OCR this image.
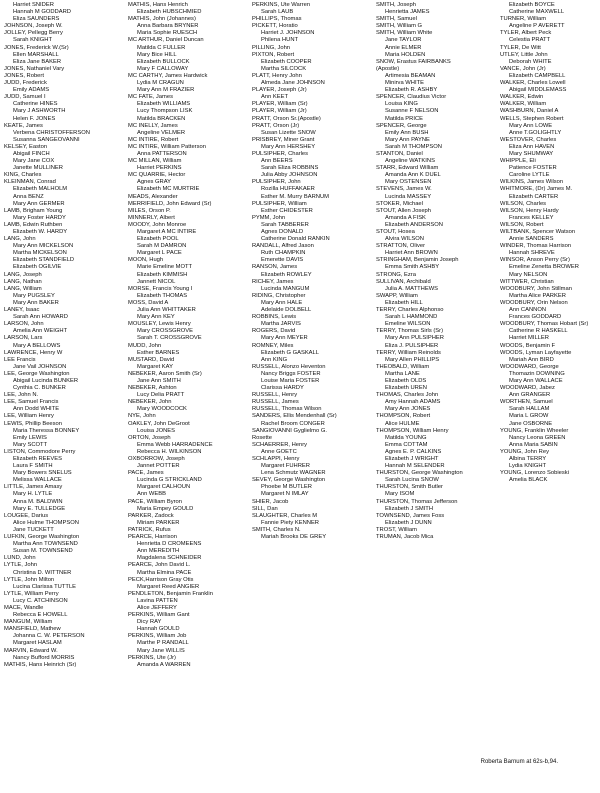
Harriet SNIDER
Hannah M GODDARD
Eliza SAUNDERS
JOHNSON, Joseph W.
JOLLEY, Pellegg Berry
Sarah KNIGHT
JONES, Frederick W.(Sr)
Ellen MARSHALL
Eliza Jane BAKER
JONES, Nathaniel Vary
JONES, Robert
JUDD, Frederick
Emily ADAMS
JUDD, Samuel I
Catherine HINES
Mary J ASHWORTH
Helen F. JONES
KEATE, James
Verbena CHRISTOFFERSON
Susanna SANGEOVANNI
KELSEY, Easton
Abigail FINCH
Mary Jane COX
Janette MULLINER
KING, Charles
KLEINMAN, Conrad
Elizabeth MALHOLM
Anna BENZ
Mary Ann GERMER
LAMB, Brigham Young
Mary Foster HARDY
LAMB, Edwin Ruthben
Elizabeth W. HARDY
LANG, John
Mary Ann MICKELSON
Martha MICKELSON
Elizabeth STANDFIELD
Elizabeth OGILVIE
LANG, Joseph
LANG, Nathan
LANG, William
Mary PUGSLEY
Mary Ann BAKER
LANEY, Isaac
Sarah Ann HOWARD
LARSON, John
Amelia Ann WEIGHT
LARSON, Lars
Mary A BELLOWS
LAWRENCE, Henry W
LEE Francis
Jane Vail JOHNSON
LEE, George Washington
Abigail Lucinda BUNKER
Cynthia C. BUNKER
LEE, John N.
LEE, Samuel Francis
Ann Dodd WHITE
LEE, William Henry
LEWIS, Phillip Beeson
Maria Theressa BONNEY
Emily LEWIS
Mary SCOTT
LISTON, Commodore Perry
Elizabeth REEVES
Laura F SMITH
Mary Bowers SNELUS
Melissa WALLACE
LITTLE, James Amasy
Mary H. LYTLE
Anna M. BALDWIN
Mary E. TULLEDGE
LOUGEE, Darius
Alice Hulme THOMPSON
Jane TUCKETT
LUFKIN, George Washington
Martha Ann TOWNSEND
Susan M. TOWNSEND
LUND, John
LYTLE, John
Christina D. WITTNER
LYTLE, John Milton
Lucina Clarissa TUTTLE
LYTLE, William Perry
Lucy C. ATCHINSON
MACE, Wandle
Rebecca E HOWELL
MANGUM, William
MANSFIELD, Mathew
Johanna C. W. PETERSON
Margaret HASLAM
MARVIN, Edward W.
Nancy Bufford MORRIS
MATHIS, Hans Heinrich (Sr)
MATHIS, Hans Henrich
Elizabeth HUBSCHMIED
MATHIS, John (Johannes)
Anna Barbara BRYNER
Maria Sophie RUESCH
MC ARTHUR, Daniel Duncan
Matilda C FULLER
Mary Bice HILL
Elizabeth BULLOCK
Mary F CALLOWAY
MC CARTHY, James Hardwick
Lydia M CRAGUN
Mary Ann M FRAZIER
MC FATE, James
Elizabeth WILLIAMS
Lucy Thompson LISK
Matilda BRACKEN
MC INELLY, James
Angeline VELMER
MC INTIRE, Robert
MC INTIRE, William Patterson
Anna PATTERSON
MC MILLAN, William
Harriet PERKINS
MC QUARRIE, Hector
Agnes GRAY
Elizabeth MC MURTRIE
MEADS, Alexander
MERRIFIELD, John Edward (Sr)
MILES, Orson P.
MINNERLY, Albert
MOODY, John Monroe
Margaret A MC INTIRE
Elizabeth POOL
Sarah M DAMRON
Margaret L PACE
MOON, Hugh
Marie Emeline MOTT
Elizabeth KIMMISH
Jannett NICOL
MORSE, Francis Young I
Elizabeth THOMAS
MOSS, David A
Julia Ann WHITTAKER
Mary Ann KEY
MOUSLEY, Lewis Henry
Mary CROSSGROVE
Sarah T. CROSSGROVE
MUDD, John
Esther BARNES
MUSTARD, David
Margaret KAY
NEBEKER, Aaron Smith (Sr)
Jane Ann SMITH
NEBEKER, Ashton
Lucy Delia PRATT
NEBEKER, John
Mary WOODCOCK
NYE, John
OAKLEY, John DeGroot
Louisa JONES
ORTON, Joseph
Emma Webb HARRADENCE
Rebecca H. WILKINSON
OXBORROW, Joseph
Jannet POTTER
PACE, James
Lucinda G STRICKLAND
Margaret CALHOUN
Ann WEBB
PACE, William Byron
Maria Empey GOULD
PARKER, Zadock
Miriam PARKER
PATRICK, Rufus
PEARCE, Harrison
Henrietta D CROMEENS
Ann MEREDITH
Magdalena SCHNEIDER
PEARCE, John David L.
Martha Elmina PACE
PECK,Harrison Gray Otis
Margaret Reed ANGIER
PENDLETON, Benjamin Franklin
Lavina PATTEN
Alice JEFFERY
PERKINS, William Gant
Dicy RAY
Hannah GOULD
PERKINS, William Job
Marthe P RANDALL
Mary Jane WILLIS
PERKINS, Ute (Jr)
Amanda A WARREN
PERKINS, Ute Warren
Sarah LAUB
PHILLIPS, Thomas
PICKETT, Horatio
Harriet J. JOHNSON
Philena HUNT
PILLING, John
PIXTON, Robert
Elizabeth COOPER
Martha SILCOCK
PLATT, Henry John
Almeda Jane JOHNSON
PLAYER, Joseph (Jr)
Ann KEET
PLAYER, William (Sr)
PLAYER, William (Jr)
PRATT, Orson Sr.(Apostle)
PRATT, Orson (Jr)
Susan Lizette SNOW
PRISBREY, Miner Grant
Mary Ann HERSHEY
PULSIPHER, Charles
Ann BEERS
Sarah Eliza ROBBINS
Julia Abby JOHNSON
PULSIPHER, John
Rozilla HUFFAKAER
Esther M. Murry BARNUM
PULSIPHER, William
Esther CHIDESTER
PYMM, John
Sarah TABBERER
Agnes DONALD
Catherine Donald RANKIN
RANDALL, Alfred Jason
Ruth CHAMPKIN
Emerette DAVIS
RANSON, James
Elizabeth ROWLEY
RICHEY, James
Lucinda MANGUM
RIDING, Christopher
Mary Ann HALE
Adelaide DOLBELL
ROBBINS, Lewis
Martha JARVIS
ROGERS, David
Mary Ann MEYER
ROMNEY, Miles
Elizabeth G GASKALL
Ann KING
RUSSELL, Alonzo Heventon
Nancy Briggs FOSTER
Louise Maria FOSTER
Clarissa HARDY
RUSSELL, Henry
RUSSELL, James
RUSSELL, Thomas Wilson
SANDERS, Ellis Mendenhall (Sr)
Rachel Broom CONGER
SANGIOVANNI Gyglielmo G.
Rosette
SCHAERRER, Henry
Anne GOETC
SCHLAPPI, Henry
Margaret FUHRER
Lena Schmutz WAGNER
SEVEY, George Washington
Phoebe M BUTLER
Margaret N IMLAY
SHIER, Jacob
SILL, Dan
SLAUGHTER, Charles M
Fannie Piety KENNER
SMITH, Charles N.
Mariah Brooks DE GREY
SMITH, Joseph
Henrietta JAMES
SMITH, Samuel
SMITH, William G
SMITH, William White
Jane TAYLOR
Annie ELMER
Maria HOLDEN
SNOW, Erastus FAIRBANKS
(Apostle)
Artimesia BEAMAN
Minirva WHITE
Elizabeth R. ASHBY
SPENCER, Claudius Victor
Louisa KING
Susanne F NELSON
Matilda PRICE
SPENCER, George
Emily Ann BUSH
Mary Ann PAYNE
Sarah M THOMPSON
STANTON, Daniel
Angeline WATKINS
STARR, Edward William
Amanda Ann K DUEL
Mary OSTENSEN
STEVENS, James W.
Lucinda MASSEY
STOKER, Michael
STOUT, Allen Joseph
Amanda A FISK
Elizabeth ANDERSON
STOUT, Hosea
Alvira WILSON
STRATTON, Oliver
Harriet Ann BROWN
STRINGHAM, Benjamin Joseph
Emma Smith ASHBY
STRONG, Ezra
SULLIVAN, Archibald
Julia A. MATTHEWS
SWAPP, William
Elizabeth HILL
TERRY, Charles Alphonso
Sarah L HAMMOND
Emeline WILSON
TERRY, Thomas Sirls (Sr)
Mary Ann PULSIPHER
Eliza J. PULSIPHER
TERRY, William Reinolds
Mary Allen PHILLIPS
THEOBALD, William
Martha LANE
Elizabeth OLDS
Elizabeth UREN
THOMAS, Charles John
Amy Hannah ADAMS
Mary Ann JONES
THOMPSON, Robert
Alice HULME
THOMPSON, William Henry
Matilda YOUNG
Emma COTTAM
Agnes E. P. CALKINS
Elizabeth J WRIGHT
Hannah M SELENDER
THURSTON, George Washington
Sarah Lucina SNOW
THURSTON, Smith Butler
Mary ISOM
THURSTON, Thomas Jefferson
Elizabeth J SMITH
TOWNSEND, James Foss
Elizabeth J DUNN
TROST, William
TRUMAN, Jacob Mica
Elizabeth BOYCE
Catherine MAXWELL
TURNER, William
Angeline P AVERETT
TYLER, Albert Peck
Celestia PRATT
TYLER, De Witt
UTLEY, Little John
Deborah WHITE
VANCE, John (Jr)
Elizabeth CAMPBELL
WALKER, Charles Lowell
Abigail MIDDLEMASS
WALKER, Edwin
WALKER, William
WASHBURN, Daniel A
WELLS, Stephen Robert
Mary Ann LOWE
Anne T.GOLIGHTLY
WESTOVER, Charles
Eliza Ann HAVEN
Mary SHUMWAY
WHIPPLE, Eli
Patience FOSTER
Caroline LYTLE
WILKINS, James Wilson
WHITMORE, (Dr) James M.
Elizabeth CARTER
WILSON, Charles
WILSON, Henry Hardy
Frances KELLEY
WILSON, Robert
WILTBANK, Spencer Watson
Annie SANDERS
WINDER, Thomas Harrison
Hannah SHREVE
WINSOR, Anson Perry (Sr)
Emeline Zenetta BROWER
Mary NELSON
WITTWER, Christian
WOODBURY, John Stillman
Martha Alice PARKER
WOODBURY, Orin Nelson
Ann CANNON
Frances GODDARD
WOODBURY, Thomas Hobart (Sr)
Catherine R HASKELL
Harriet MILLER
WOODS, Benjamin F
WOODS, Lyman Layfayette
Mariah Ann BIRD
WOODWARD, George
Thomazin DOWNING
Mary Ann WALLACE
WOODWARD, Jabez
Ann GRANGER
WORTHEN, Samuel
Sarah HALLAM
Maria L GROW
Jane OSBORNE
YOUNG, Franklin Wheeler
Nancy Leona GREEN
Anna Maria SABIN
YOUNG, John Rey
Albina TERRY
Lydia KNIGHT
YOUNG, Lorenzo Sobieski
Amelia BLACK
Roberta Barnum at 62s-b,94.
